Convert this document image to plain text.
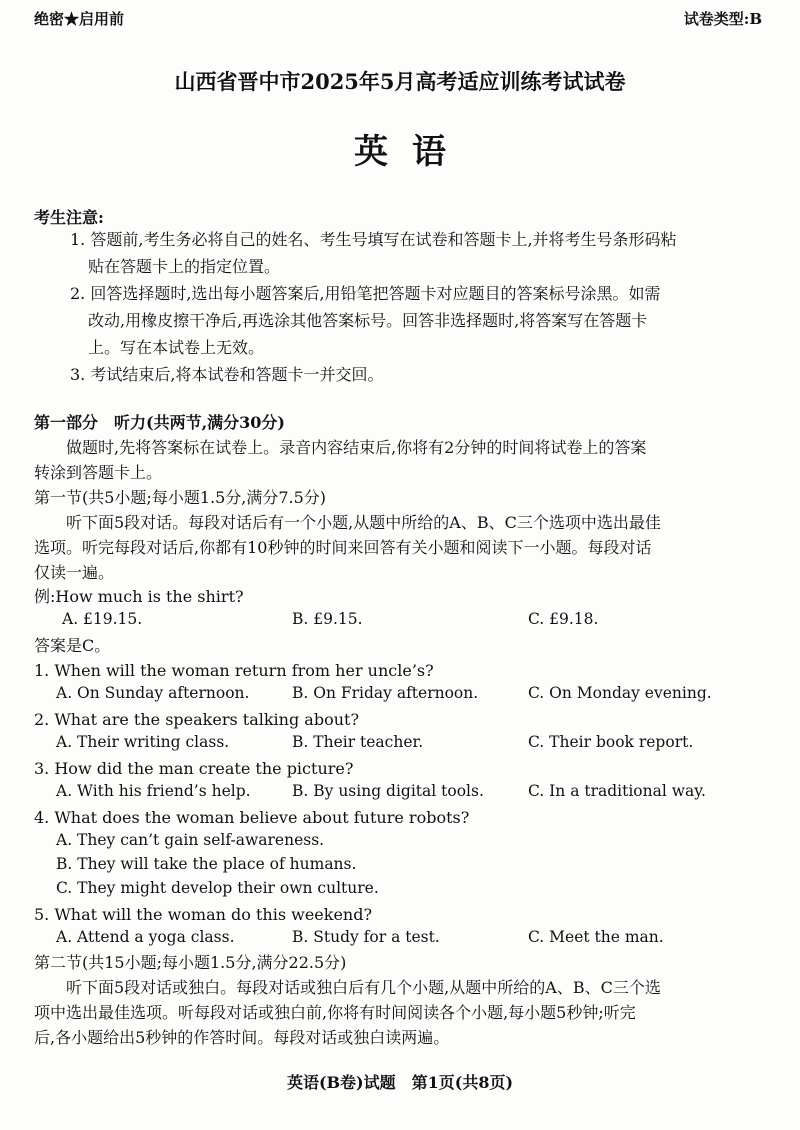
绝密★启用前	试卷类型:B
山西省晋中市2025年5月高考适应训练考试试卷
英语
考生注意:
1. 答题前,考生务必将自己的姓名、考生号填写在试卷和答题卡上,并将考生号条形码粘
贴在答题卡上的指定位置。
2. 回答选择题时,选出每小题答案后,用铅笔把答题卡对应题目的答案标号涂黑。如需
改动,用橡皮擦干净后,再选涂其他答案标号。回答非选择题时,将答案写在答题卡
上。写在本试卷上无效。
3. 考试结束后,将本试卷和答题卡一并交回。
第一部分　听力(共两节,满分30分)
做题时,先将答案标在试卷上。录音内容结束后,你将有2分钟的时间将试卷上的答案
转涂到答题卡上。
第一节(共5小题;每小题1.5分,满分7.5分)
听下面5段对话。每段对话后有一个小题,从题中所给的A、B、C三个选项中选出最佳
选项。听完每段对话后,你都有10秒钟的时间来回答有关小题和阅读下一小题。每段对话
仅读一遍。
例:How much is the shirt?
A. £19.15.	B. £9.15.	C. £9.18.
答案是C。
1. When will the woman return from her uncle’s?
A. On Sunday afternoon.	B. On Friday afternoon.	C. On Monday evening.
2. What are the speakers talking about?
A. Their writing class.	B. Their teacher.	C. Their book report.
3. How did the man create the picture?
A. With his friend’s help.	B. By using digital tools.	C. In a traditional way.
4. What does the woman believe about future robots?
A. They can’t gain self-awareness.
B. They will take the place of humans.
C. They might develop their own culture.
5. What will the woman do this weekend?
A. Attend a yoga class.	B. Study for a test.	C. Meet the man.
第二节(共15小题;每小题1.5分,满分22.5分)
听下面5段对话或独白。每段对话或独白后有几个小题,从题中所给的A、B、C三个选
项中选出最佳选项。听每段对话或独白前,你将有时间阅读各个小题,每小题5秒钟;听完
后,各小题给出5秒钟的作答时间。每段对话或独白读两遍。
英语(B卷)试题　第1页(共8页)
